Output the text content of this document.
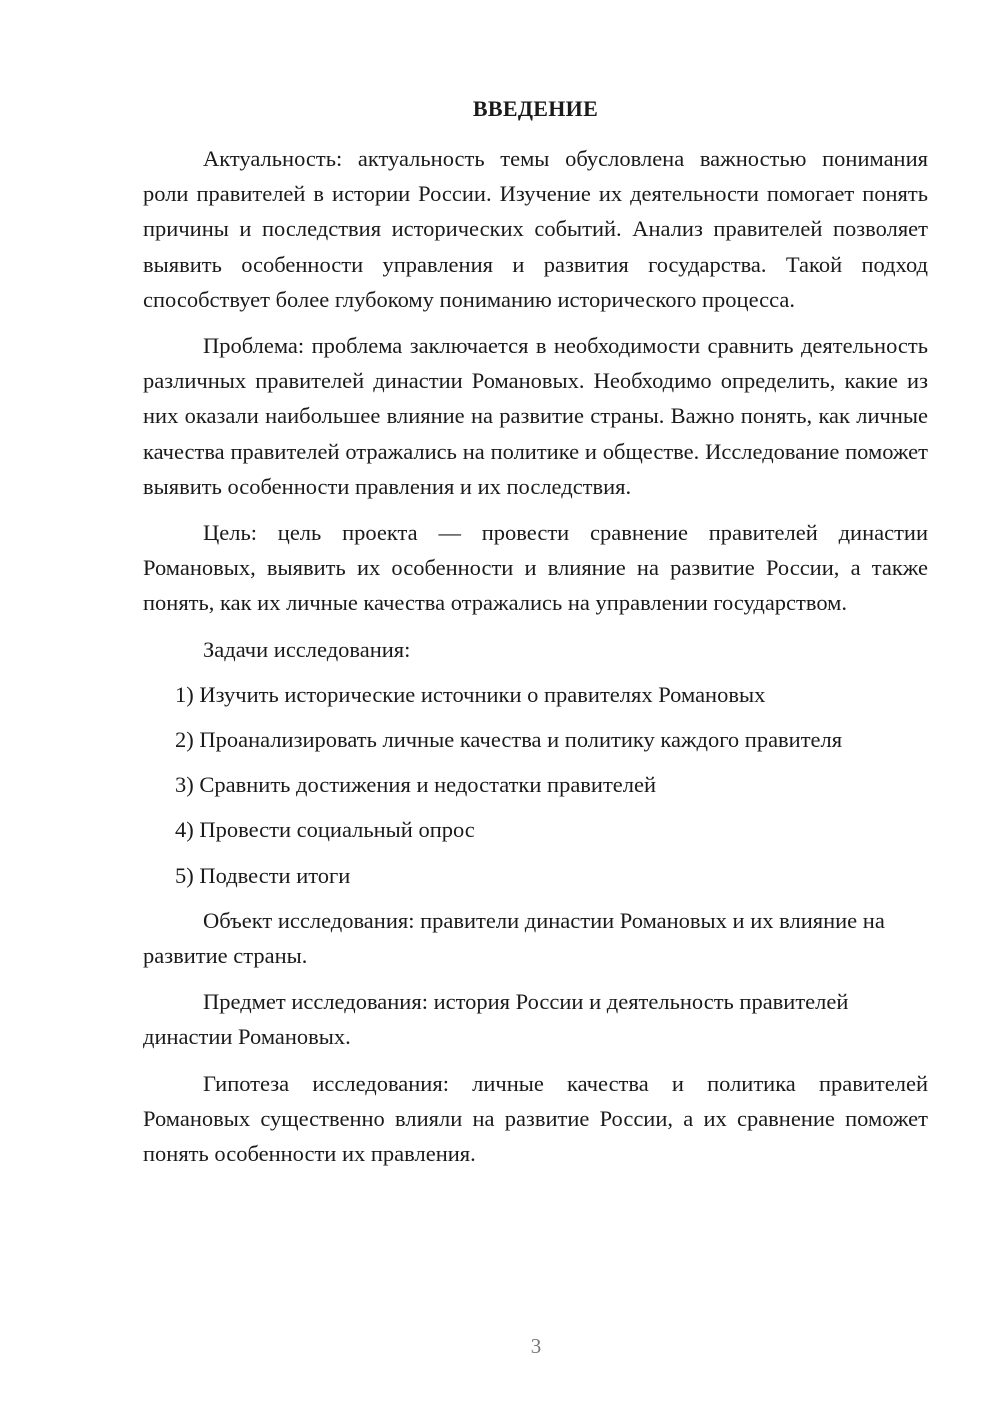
ВВЕДЕНИЕ

Актуальность: актуальность темы обусловлена важностью понимания роли правителей в истории России. Изучение их деятельности помогает понять причины и последствия исторических событий. Анализ правителей позволяет выявить особенности управления и развития государства. Такой подход способствует более глубокому пониманию исторического процесса.

Проблема: проблема заключается в необходимости сравнить деятельность различных правителей династии Романовых. Необходимо определить, какие из них оказали наибольшее влияние на развитие страны. Важно понять, как личные качества правителей отражались на политике и обществе. Исследование поможет выявить особенности правления и их последствия.

Цель: цель проекта — провести сравнение правителей династии Романовых, выявить их особенности и влияние на развитие России, а также понять, как их личные качества отражались на управлении государством.

Задачи исследования:

1) Изучить исторические источники о правителях Романовых

2) Проанализировать личные качества и политику каждого правителя

3) Сравнить достижения и недостатки правителей

4) Провести социальный опрос

5) Подвести итоги

Объект исследования: правители династии Романовых и их влияние на развитие страны.

Предмет исследования: история России и деятельность правителей династии Романовых.

Гипотеза исследования: личные качества и политика правителей Романовых существенно влияли на развитие России, а их сравнение поможет понять особенности их правления.

3
